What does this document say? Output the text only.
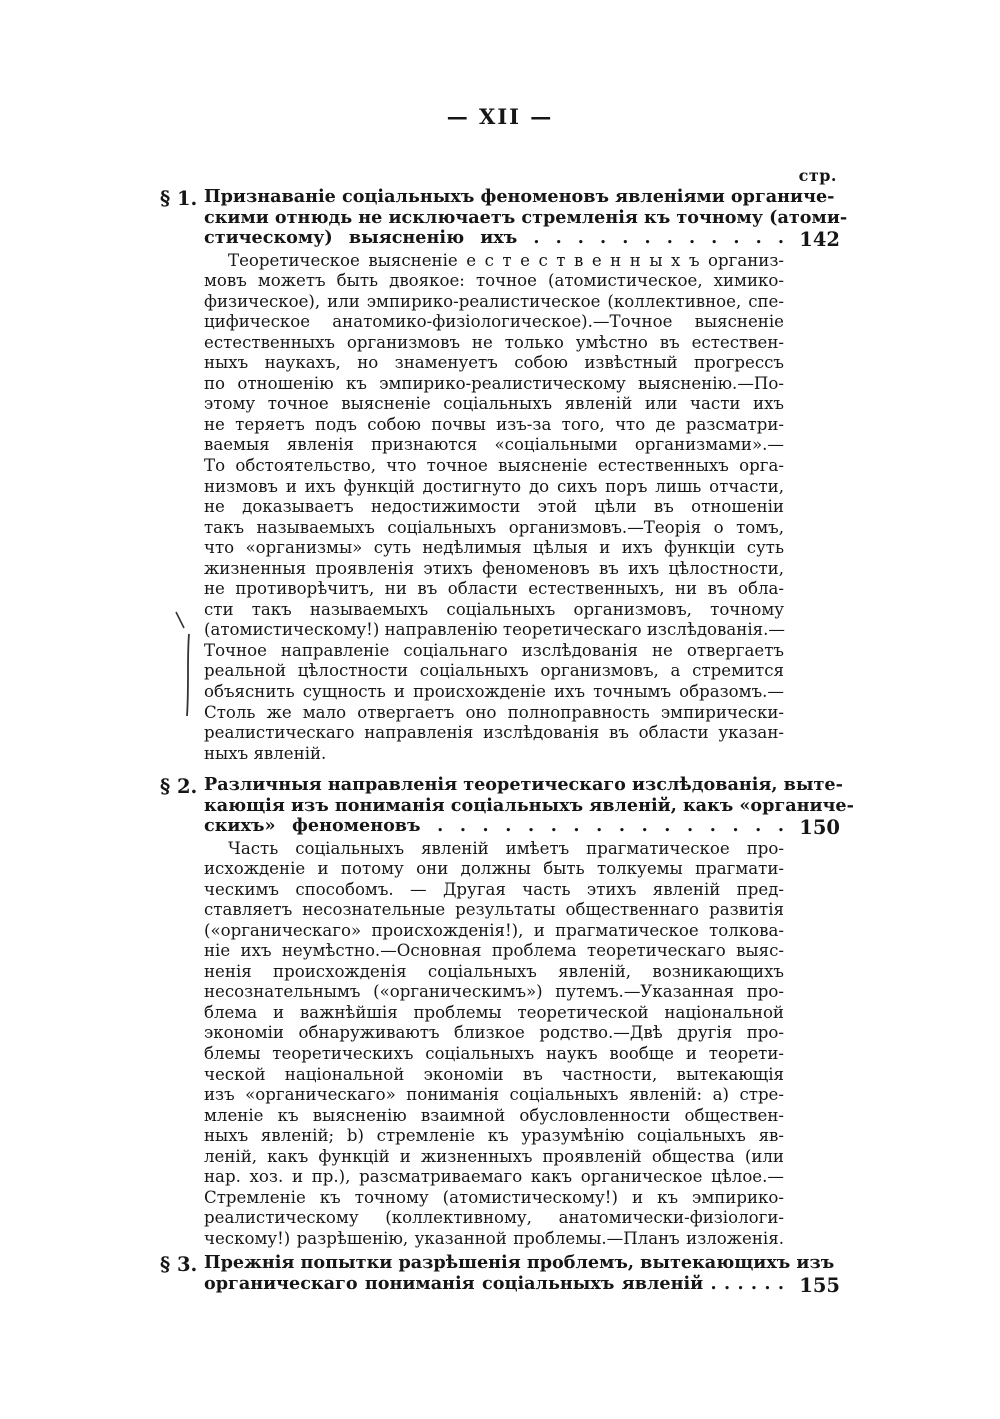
— XII —
стр.
§ 1. Признаваніе соціальныхъ феноменовъ явленіями органиче-
скими отнюдь не исключаетъ стремленія къ точному (атоми-
стическому) выясненію ихъ . . . . . . . . . . . . 142
Теоретическое выясненіе е с т е с т в е н н ы х ъ организ-
мовъ можетъ быть двоякое: точное (атомистическое, химико-
физическое), или эмпирико-реалистическое (коллективное, спе-
цифическое анатомико-физіологическое).—Точное выясненіе
естественныхъ организмовъ не только умѣстно въ естествен-
ныхъ наукахъ, но знаменуетъ собою извѣстный прогрессъ
по отношенію къ эмпирико-реалистическому выясненію.—По-
этому точное выясненіе соціальныхъ явленій или части ихъ
не теряетъ подъ собою почвы изъ-за того, что де разсматри-
ваемыя явленія признаются «соціальными организмами».—
То обстоятельство, что точное выясненіе естественныхъ орга-
низмовъ и ихъ функцій достигнуто до сихъ поръ лишь отчасти,
не доказываетъ недостижимости этой цѣли въ отношеніи
такъ называемыхъ соціальныхъ организмовъ.—Теорія о томъ,
что «организмы» суть недѣлимыя цѣлыя и ихъ функціи суть
жизненныя проявленія этихъ феноменовъ въ ихъ цѣлостности,
не противорѣчитъ, ни въ области естественныхъ, ни въ обла-
сти такъ называемыхъ соціальныхъ организмовъ, точному
(атомистическому!) направленію теоретическаго изслѣдованія.—
Точное направленіе соціальнаго изслѣдованія не отвергаетъ
реальной цѣлостности соціальныхъ организмовъ, а стремится
объяснить сущность и происхожденіе ихъ точнымъ образомъ.—
Столь же мало отвергаетъ оно полноправность эмпирически-
реалистическаго направленія изслѣдованія въ области указан-
ныхъ явленій.
§ 2. Различныя направленія теоретическаго изслѣдованія, выте-
кающія изъ пониманія соціальныхъ явленій, какъ «органиче-
скихъ» феноменовъ . . . . . . . . . . . . . . . . 150
Часть соціальныхъ явленій имѣетъ прагматическое про-
исхожденіе и потому они должны быть толкуемы прагмати-
ческимъ способомъ. — Другая часть этихъ явленій пред-
ставляетъ несознательные результаты общественнаго развитія
(«органическаго» происхожденія!), и прагматическое толкова-
ніе ихъ неумѣстно.—Основная проблема теоретическаго выяс-
ненія происхожденія соціальныхъ явленій, возникающихъ
несознательнымъ («органическимъ») путемъ.—Указанная про-
блема и важнѣйшія проблемы теоретической національной
экономіи обнаруживаютъ близкое родство.—Двѣ другія про-
блемы теоретическихъ соціальныхъ наукъ вообще и теорети-
ческой національной экономіи въ частности, вытекающія
изъ «органическаго» пониманія соціальныхъ явленій: a) стре-
мленіе къ выясненію взаимной обусловленности обществен-
ныхъ явленій; b) стремленіе къ уразумѣнію соціальныхъ яв-
леній, какъ функцій и жизненныхъ проявленій общества (или
нар. хоз. и пр.), разсматриваемаго какъ органическое цѣлое.—
Стремленіе къ точному (атомистическому!) и къ эмпирико-
реалистическому (коллективному, анатомически-физіологи-
ческому!) разрѣшенію, указанной проблемы.—Планъ изложенія.
§ 3. Прежнія попытки разрѣшенія проблемъ, вытекающихъ изъ
органическаго пониманія соціальныхъ явленій . . . . . . 155
